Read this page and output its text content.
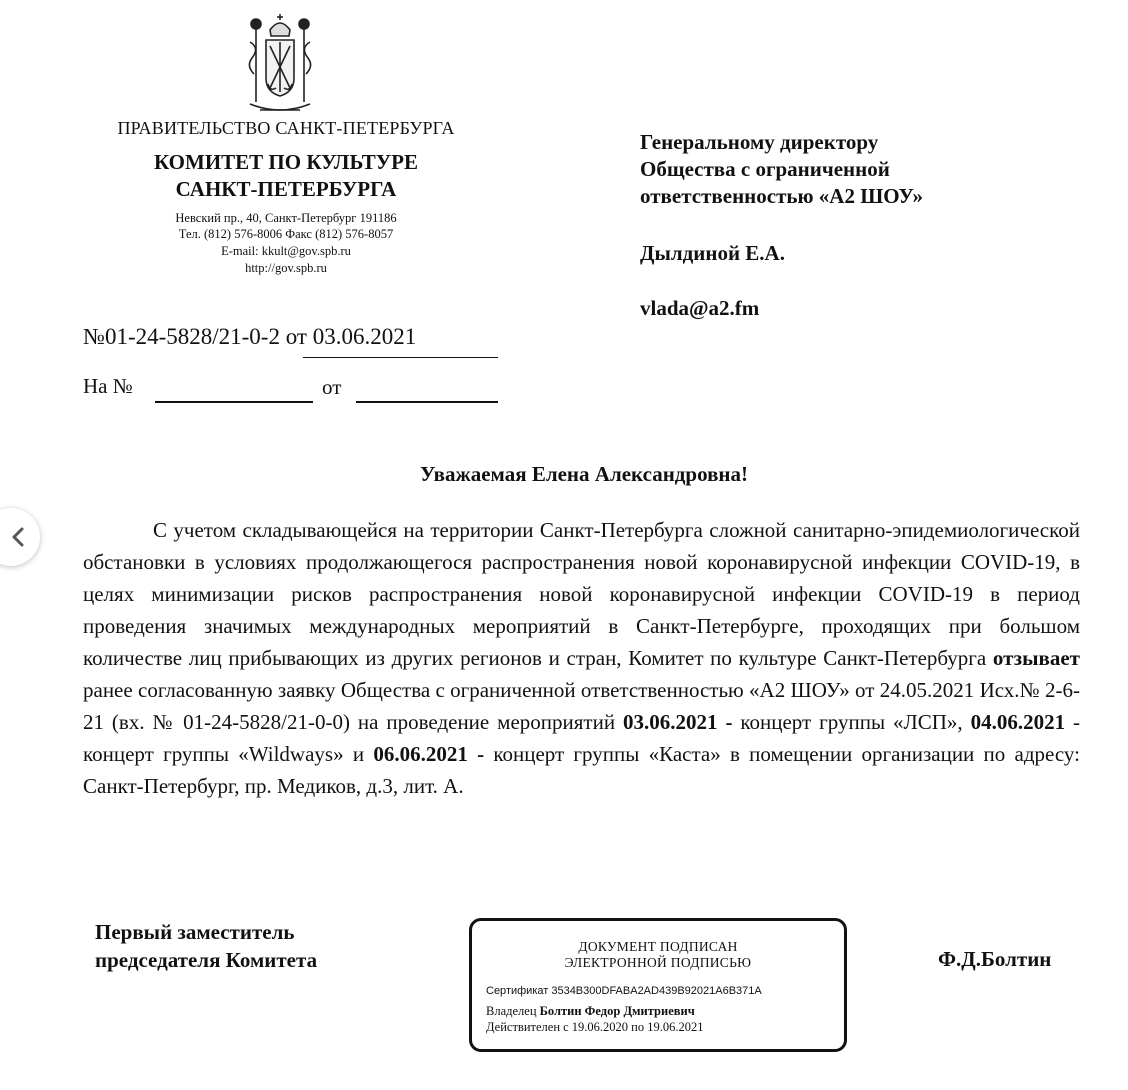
ПРАВИТЕЛЬСТВО САНКТ-ПЕТЕРБУРГА
КОМИТЕТ ПО КУЛЬТУРЕ
САНКТ-ПЕТЕРБУРГА
Невский пр., 40, Санкт-Петербург 191186
Тел. (812) 576-8006 Факс (812) 576-8057
E-mail: kkult@gov.spb.ru
http://gov.spb.ru
№01-24-5828/21-0-2 от 03.06.2021
На №	от
Генеральному директору
Общества с ограниченной
ответственностью «А2 ШОУ»
Дылдиной Е.А.
vlada@a2.fm
Уважаемая Елена Александровна!

С учетом складывающейся на территории Санкт-Петербурга сложной санитарно-эпидемиологической обстановки в условиях продолжающегося распространения новой коронавирусной инфекции COVID-19, в целях минимизации рисков распространения новой коронавирусной инфекции COVID-19 в период проведения значимых международных мероприятий в Санкт-Петербурге, проходящих при большом количестве лиц прибывающих из других регионов и стран, Комитет по культуре Санкт-Петербурга отзывает ранее согласованную заявку Общества с ограниченной ответственностью «А2 ШОУ» от 24.05.2021 Исх.№ 2-6-21 (вх. № 01-24-5828/21-0-0) на проведение мероприятий 03.06.2021 - концерт группы «ЛСП», 04.06.2021 - концерт группы «Wildways» и 06.06.2021 - концерт группы «Каста» в помещении организации по адресу: Санкт-Петербург, пр. Медиков, д.3, лит. А.

Первый заместитель
председателя Комитета
ДОКУМЕНТ ПОДПИСАН
ЭЛЕКТРОННОЙ ПОДПИСЬЮ
Сертификат 3534B300DFABA2AD439B92021A6B371A
Владелец Болтин Федор Дмитриевич
Действителен с 19.06.2020 по 19.06.2021
Ф.Д.Болтин
